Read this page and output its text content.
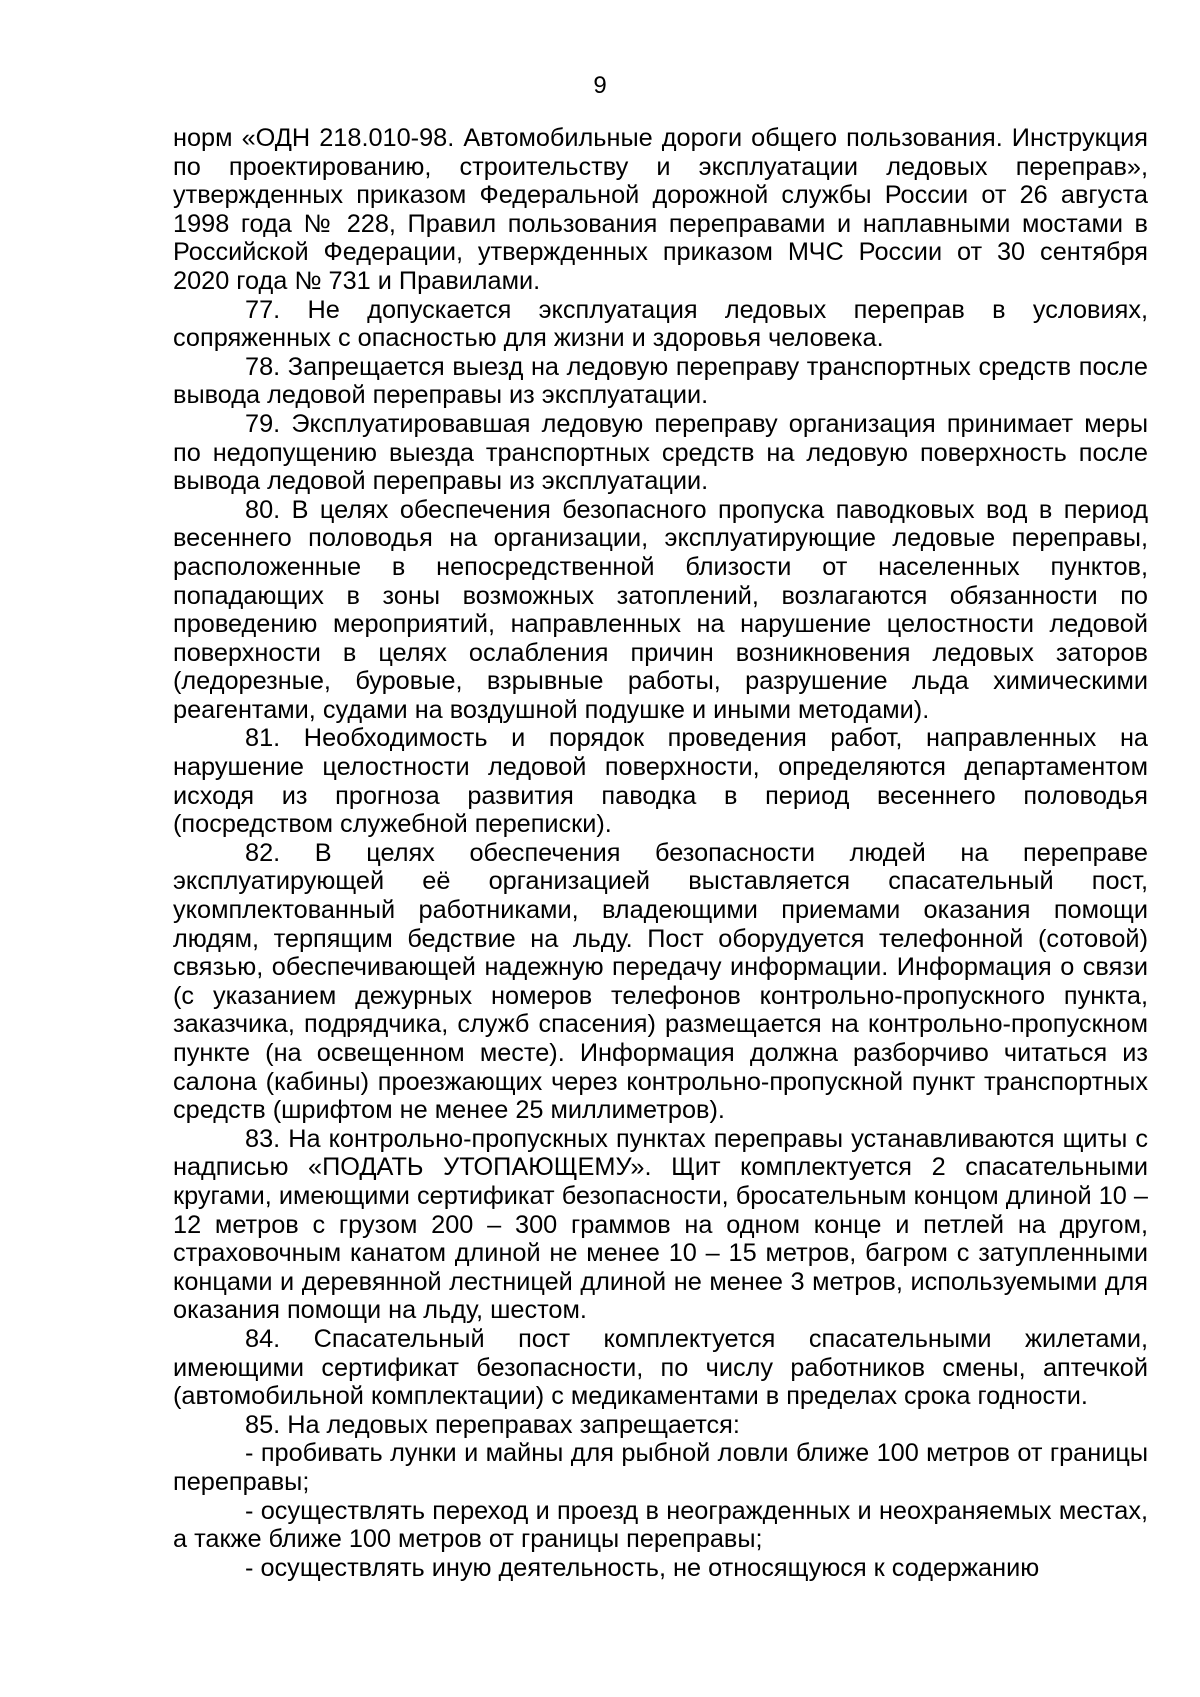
9

норм «ОДН 218.010-98. Автомобильные дороги общего пользования. Инструкция по проектированию, строительству и эксплуатации ледовых переправ», утвержденных приказом Федеральной дорожной службы России от 26 августа 1998 года № 228, Правил пользования переправами и наплавными мостами в Российской Федерации, утвержденных приказом МЧС России от 30 сентября 2020 года № 731 и Правилами.

77. Не допускается эксплуатация ледовых переправ в условиях, сопряженных с опасностью для жизни и здоровья человека.

78. Запрещается выезд на ледовую переправу транспортных средств после вывода ледовой переправы из эксплуатации.

79. Эксплуатировавшая ледовую переправу организация принимает меры по недопущению выезда транспортных средств на ледовую поверхность после вывода ледовой переправы из эксплуатации.

80. В целях обеспечения безопасного пропуска паводковых вод в период весеннего половодья на организации, эксплуатирующие ледовые переправы, расположенные в непосредственной близости от населенных пунктов, попадающих в зоны возможных затоплений, возлагаются обязанности по проведению мероприятий, направленных на нарушение целостности ледовой поверхности в целях ослабления причин возникновения ледовых заторов (ледорезные, буровые, взрывные работы, разрушение льда химическими реагентами, судами на воздушной подушке и иными методами).

81. Необходимость и порядок проведения работ, направленных на нарушение целостности ледовой поверхности, определяются департаментом исходя из прогноза развития паводка в период весеннего половодья (посредством служебной переписки).

82. В целях обеспечения безопасности людей на переправе эксплуатирующей её организацией выставляется спасательный пост, укомплектованный работниками, владеющими приемами оказания помощи людям, терпящим бедствие на льду. Пост оборудуется телефонной (сотовой) связью, обеспечивающей надежную передачу информации. Информация о связи (с указанием дежурных номеров телефонов контрольно-пропускного пункта, заказчика, подрядчика, служб спасения) размещается на контрольно-пропускном пункте (на освещенном месте). Информация должна разборчиво читаться из салона (кабины) проезжающих через контрольно-пропускной пункт транспортных средств (шрифтом не менее 25 миллиметров).

83. На контрольно-пропускных пунктах переправы устанавливаются щиты с надписью «ПОДАТЬ УТОПАЮЩЕМУ». Щит комплектуется 2 спасательными кругами, имеющими сертификат безопасности, бросательным концом длиной 10 – 12 метров с грузом 200 – 300 граммов на одном конце и петлей на другом, страховочным канатом длиной не менее 10 – 15 метров, багром с затупленными концами и деревянной лестницей длиной не менее 3 метров, используемыми для оказания помощи на льду, шестом.

84. Спасательный пост комплектуется спасательными жилетами, имеющими сертификат безопасности, по числу работников смены, аптечкой (автомобильной комплектации) с медикаментами в пределах срока годности.

85. На ледовых переправах запрещается:

- пробивать лунки и майны для рыбной ловли ближе 100 метров от границы переправы;

- осуществлять переход и проезд в неогражденных и неохраняемых местах, а также ближе 100 метров от границы переправы;

- осуществлять иную деятельность, не относящуюся к содержанию
